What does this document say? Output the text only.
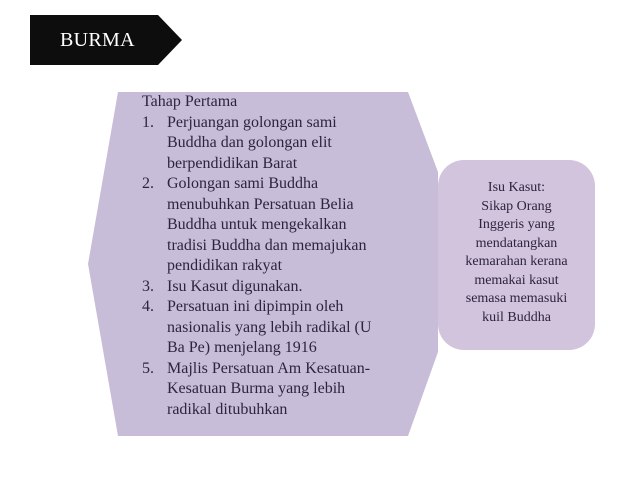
BURMA
Tahap Pertama
1. Perjuangan golongan sami
Buddha dan golongan elit
berpendidikan Barat
2. Golongan sami Buddha
menubuhkan Persatuan Belia
Buddha untuk mengekalkan
tradisi Buddha dan memajukan
pendidikan rakyat
3. Isu Kasut digunakan.
4. Persatuan ini dipimpin oleh
nasionalis yang lebih radikal (U
Ba Pe) menjelang 1916
5. Majlis Persatuan Am Kesatuan-
Kesatuan Burma yang lebih
radikal ditubuhkan
Isu Kasut:
Sikap Orang
Inggeris yang
mendatangkan
kemarahan kerana
memakai kasut
semasa memasuki
kuil Buddha
